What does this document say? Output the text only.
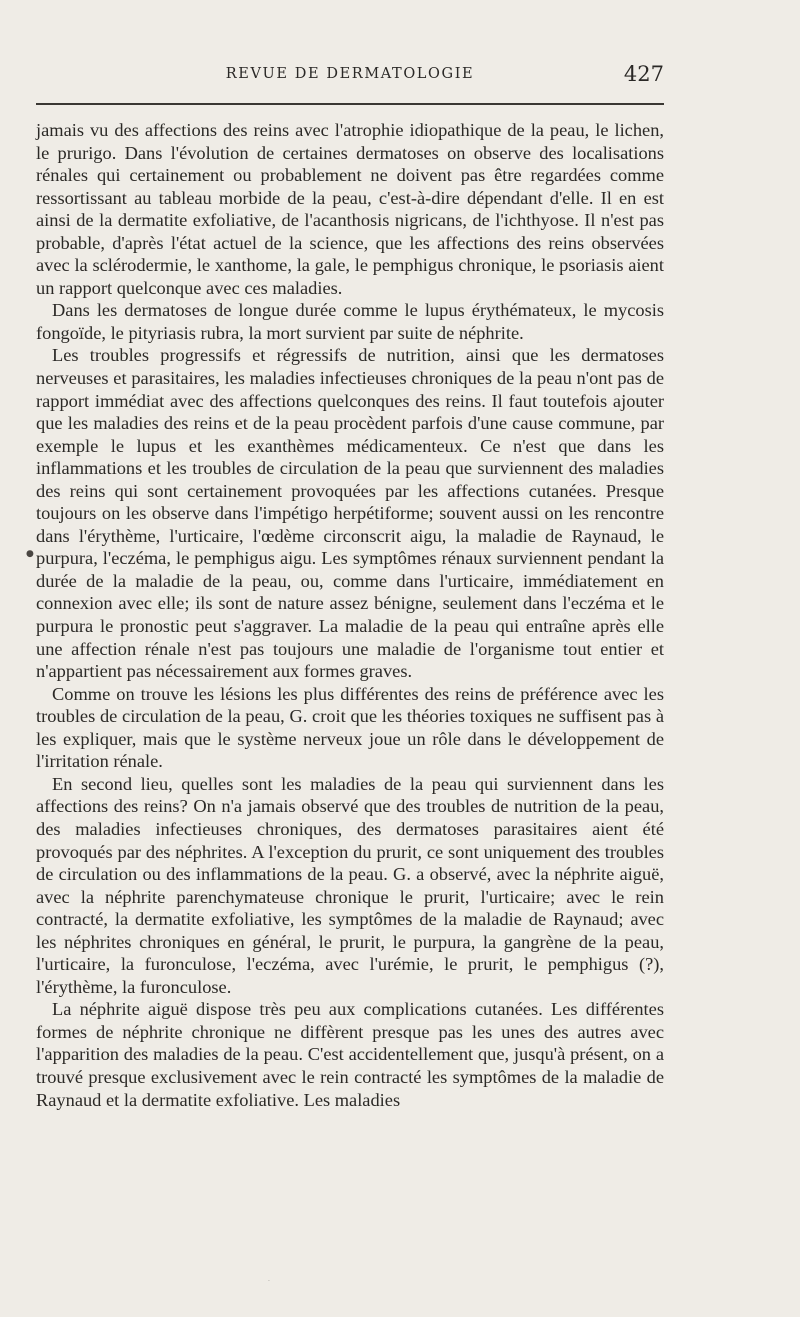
REVUE DE DERMATOLOGIE	427

jamais vu des affections des reins avec l'atrophie idiopathique de la peau, le lichen, le prurigo. Dans l'évolution de certaines dermatoses on observe des localisations rénales qui certainement ou probablement ne doivent pas être regardées comme ressortissant au tableau morbide de la peau, c'est-à-dire dépendant d'elle. Il en est ainsi de la dermatite exfoliative, de l'acanthosis nigricans, de l'ichthyose. Il n'est pas probable, d'après l'état actuel de la science, que les affections des reins observées avec la sclérodermie, le xanthome, la gale, le pemphigus chronique, le psoriasis aient un rapport quelconque avec ces maladies.

Dans les dermatoses de longue durée comme le lupus érythémateux, le mycosis fongoïde, le pityriasis rubra, la mort survient par suite de néphrite.

Les troubles progressifs et régressifs de nutrition, ainsi que les dermatoses nerveuses et parasitaires, les maladies infectieuses chroniques de la peau n'ont pas de rapport immédiat avec des affections quelconques des reins. Il faut toutefois ajouter que les maladies des reins et de la peau procèdent parfois d'une cause commune, par exemple le lupus et les exanthèmes médicamenteux. Ce n'est que dans les inflammations et les troubles de circulation de la peau que surviennent des maladies des reins qui sont certainement provoquées par les affections cutanées. Presque toujours on les observe dans l'impétigo herpétiforme; souvent aussi on les rencontre dans l'érythème, l'urticaire, l'œdème circonscrit aigu, la maladie de Raynaud, le purpura, l'eczéma, le pemphigus aigu. Les symptômes rénaux surviennent pendant la durée de la maladie de la peau, ou, comme dans l'urticaire, immédiatement en connexion avec elle; ils sont de nature assez bénigne, seulement dans l'eczéma et le purpura le pronostic peut s'aggraver. La maladie de la peau qui entraîne après elle une affection rénale n'est pas toujours une maladie de l'organisme tout entier et n'appartient pas nécessairement aux formes graves.

Comme on trouve les lésions les plus différentes des reins de préférence avec les troubles de circulation de la peau, G. croit que les théories toxiques ne suffisent pas à les expliquer, mais que le système nerveux joue un rôle dans le développement de l'irritation rénale.

En second lieu, quelles sont les maladies de la peau qui surviennent dans les affections des reins? On n'a jamais observé que des troubles de nutrition de la peau, des maladies infectieuses chroniques, des dermatoses parasitaires aient été provoqués par des néphrites. A l'exception du prurit, ce sont uniquement des troubles de circulation ou des inflammations de la peau. G. a observé, avec la néphrite aiguë, avec la néphrite parenchymateuse chronique le prurit, l'urticaire; avec le rein contracté, la dermatite exfoliative, les symptômes de la maladie de Raynaud; avec les néphrites chroniques en général, le prurit, le purpura, la gangrène de la peau, l'urticaire, la furonculose, l'eczéma, avec l'urémie, le prurit, le pemphigus (?), l'érythème, la furonculose.

La néphrite aiguë dispose très peu aux complications cutanées. Les différentes formes de néphrite chronique ne diffèrent presque pas les unes des autres avec l'apparition des maladies de la peau. C'est accidentellement que, jusqu'à présent, on a trouvé presque exclusivement avec le rein contracté les symptômes de la maladie de Raynaud et la dermatite exfoliative. Les maladies

●
·
